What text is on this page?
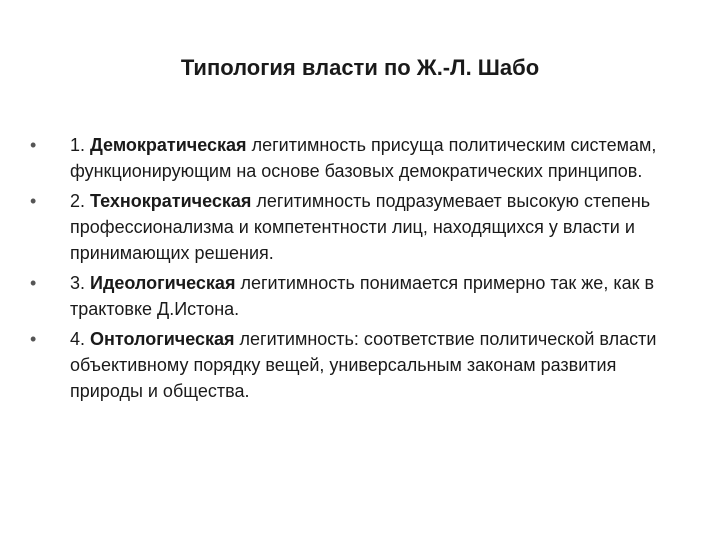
Типология власти по Ж.-Л. Шабо
•	1. Демократическая легитимность присуща политическим системам, функционирующим на основе базовых демократических принципов.
•	2. Технократическая легитимность подразумевает высокую степень профессионализма и компетентности лиц, находящихся у власти и принимающих решения.
•	3. Идеологическая легитимность понимается примерно так же, как в трактовке Д.Истона.
•	4. Онтологическая легитимность: соответствие политической власти объективному порядку вещей, универсальным законам развития природы и общества.
